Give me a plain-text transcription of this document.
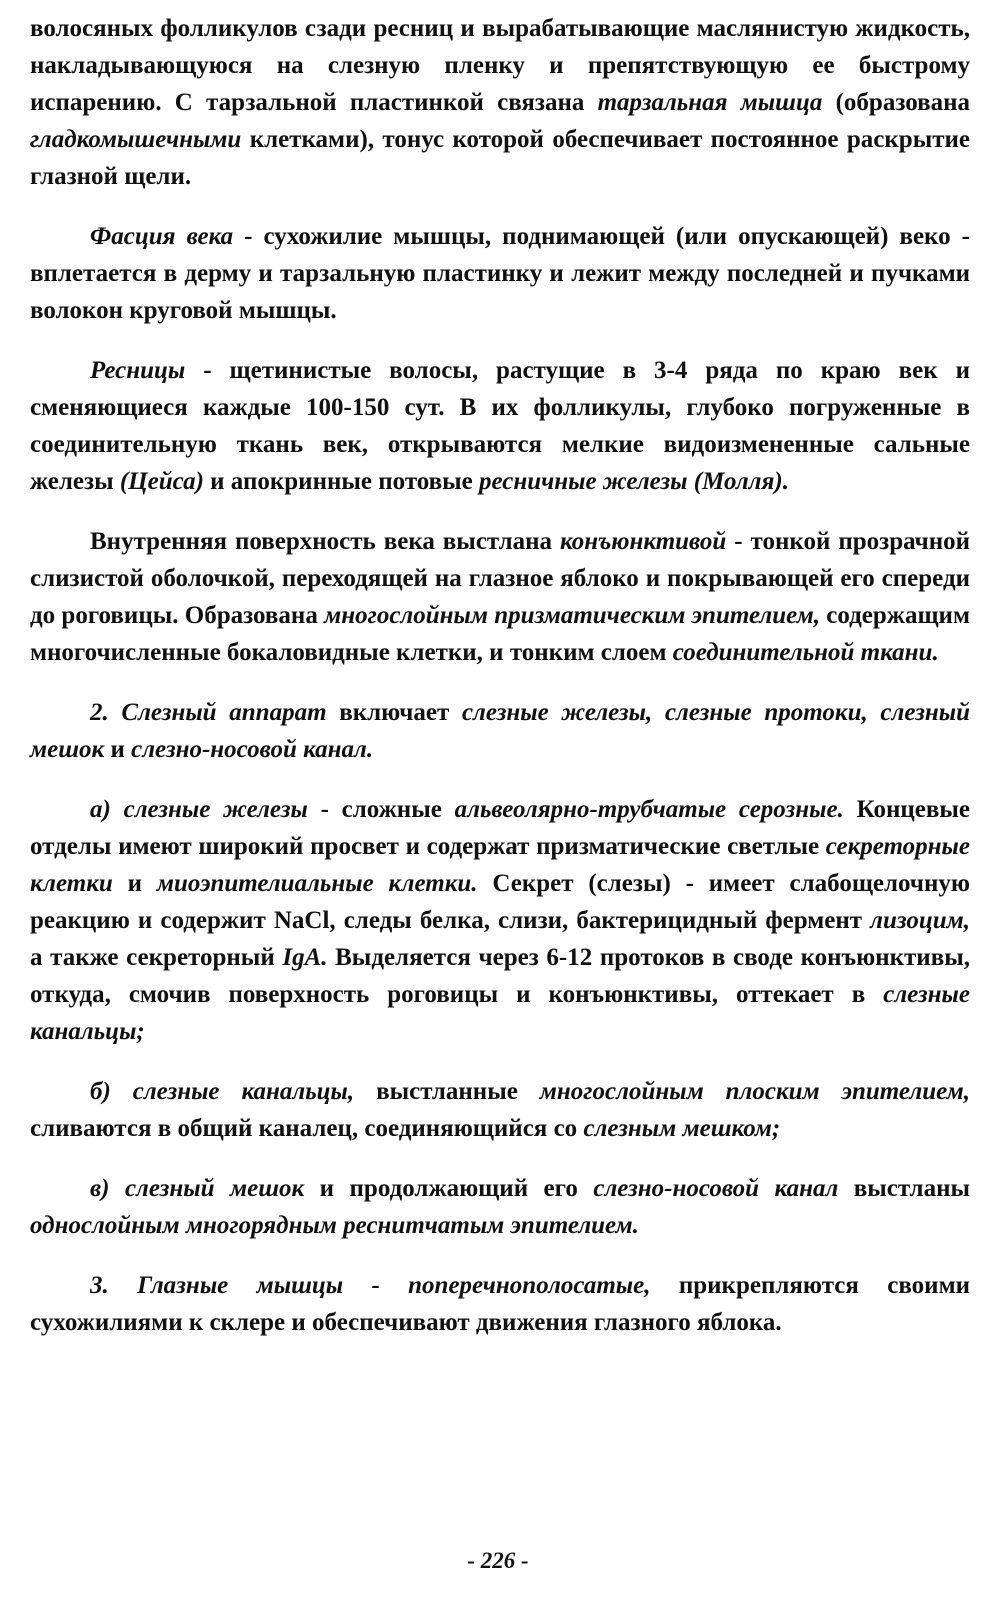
волосяных фолликулов сзади ресниц и вырабатывающие маслянистую жидкость, накладывающуюся на слезную пленку и препятствующую ее быстрому испарению. С тарзальной пластинкой связана тарзальная мышца (образована гладкомышечными клетками), тонус которой обеспечивает постоянное раскрытие глазной щели.

Фасция века - сухожилие мышцы, поднимающей (или опускающей) веко - вплетается в дерму и тарзальную пластинку и лежит между последней и пучками волокон круговой мышцы.

Ресницы - щетинистые волосы, растущие в 3-4 ряда по краю век и сменяющиеся каждые 100-150 сут. В их фолликулы, глубоко погруженные в соединительную ткань век, открываются мелкие видоизмененные сальные железы (Цейса) и апокринные потовые ресничные железы (Молля).

Внутренняя поверхность века выстлана конъюнктивой - тонкой прозрачной слизистой оболочкой, переходящей на глазное яблоко и покрывающей его спереди до роговицы. Образована многослойным призматическим эпителием, содержащим многочисленные бокаловидные клетки, и тонким слоем соединительной ткани.

2. Слезный аппарат включает слезные железы, слезные протоки, слезный мешок и слезно-носовой канал.

а) слезные железы - сложные альвеолярно-трубчатые серозные. Концевые отделы имеют широкий просвет и содержат призматические светлые секреторные клетки и миоэпителиальные клетки. Секрет (слезы) - имеет слабощелочную реакцию и содержит NaCl, следы белка, слизи, бактерицидный фермент лизоцим, а также секреторный IgA. Выделяется через 6-12 протоков в своде конъюнктивы, откуда, смочив поверхность роговицы и конъюнктивы, оттекает в слезные канальцы;

б) слезные канальцы, выстланные многослойным плоским эпителием, сливаются в общий каналец, соединяющийся со слезным мешком;

в) слезный мешок и продолжающий его слезно-носовой канал выстланы однослойным многорядным реснитчатым эпителием.

3. Глазные мышцы - поперечнополосатые, прикрепляются своими сухожилиями к склере и обеспечивают движения глазного яблока.

- 226 -
